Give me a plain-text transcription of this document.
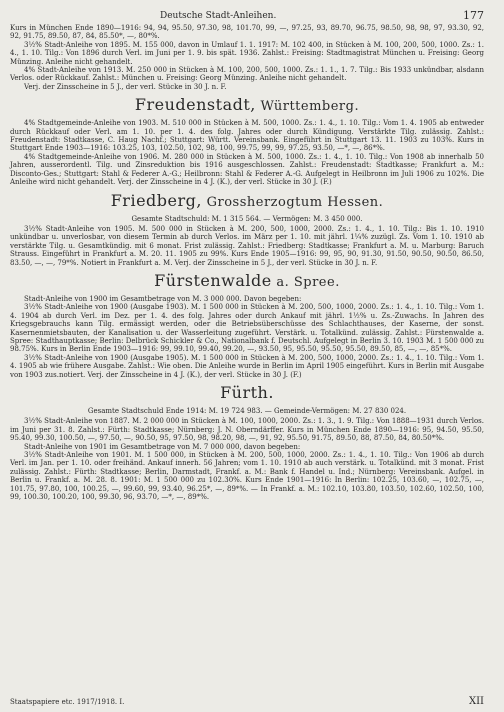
Deutsche Stadt-Anleihen.	177

Kurs in München Ende 1890—1916: 94, 94, 95.50, 97.30, 98, 101.70, 99, —, 97.25, 93, 89.70, 96.75, 98.50, 98, 98, 97, 93.30, 92, 92, 91.75, 89.50, 87, 84, 85.50*, —, 80*%.

3½% Stadt-Anleihe von 1895. M. 155 000, davon in Umlauf 1. 1. 1917: M. 102 400, in Stücken à M. 100, 200, 500, 1000. Zs.: 1. 4., 1. 10. Tilg.: Von 1896 durch Verl. im Juni per 1. 9. bis spät. 1936. Zahlst.: Freising: Stadtmagistrat München u. Freising: Georg Münzing. Anleihe nicht gehandelt.

4% Stadt-Anleihe von 1913. M. 250 000 in Stücken à M. 100, 200, 500, 1000. Zs.: 1. 1., 1. 7. Tilg.: Bis 1933 unkündbar, alsdann Verlos. oder Rückkauf. Zahlst.: München u. Freising: Georg Münzing. Anleihe nicht gehandelt.

Verj. der Zinsscheine in 5 J., der verl. Stücke in 30 J. n. F.

Freudenstadt, Württemberg.

4% Stadtgemeinde-Anleihe von 1903. M. 510 000 in Stücken à M. 500, 1000. Zs.: 1. 4., 1. 10. Tilg.: Vom 1. 4. 1905 ab entweder durch Rückkauf oder Verl. am 1. 10. per 1. 4. des folg. Jahres oder durch Kündigung. Verstärkte Tilg. zulässig. Zahlst.: Freudenstadt: Stadtkasse, C. Haug Nachf.; Stuttgart: Württ. Vereinsbank. Eingeführt in Stuttgart 13. 11. 1903 zu 103%. Kurs in Stuttgart Ende 1903—1916: 103.25, 103, 102.50, 102, 98, 100, 99.75, 99, 99, 97.25, 93.50, —*, —, 86*%.

4% Stadtgemeinde-Anleihe von 1906. M. 280 000 in Stücken à M. 500, 1000. Zs.: 1. 4., 1. 10. Tilg.: Von 1908 ab innerhalb 50 Jahren, ausserordentl. Tilg. und Zinsreduktion bis 1916 ausgeschlossen. Zahlst.: Freudenstadt: Stadtkasse; Frankfurt a. M.: Disconto-Ges.; Stuttgart: Stahl & Federer A.-G.; Heilbronn: Stahl & Federer A.-G. Aufgelegt in Heilbronn im Juli 1906 zu 102%. Die Anleihe wird nicht gehandelt. Verj. der Zinsscheine in 4 J. (K.), der verl. Stücke in 30 J. (F.)

Friedberg, Grossherzogtum Hessen.
Gesamte Stadtschuld: M. 1 315 564. — Vermögen: M. 3 450 000.

3½% Stadt-Anleihe von 1905. M. 500 000 in Stücken à M. 200, 500, 1000, 2000. Zs.: 1. 4., 1. 10. Tilg.: Bis 1. 10. 1910 unkündbar u. unverlosbar, von diesem Termin ab durch Verlos. im März per 1. 10. mit jährl. 1¼% zuzügl. Zs. Vom 1. 10. 1910 ab verstärkte Tilg. u. Gesamtkündig. mit 6 monat. Frist zulässig. Zahlst.: Friedberg: Stadtkasse; Frankfurt a. M. u. Marburg: Baruch Strauss. Eingeführt in Frankfurt a. M. 20. 11. 1905 zu 99%. Kurs Ende 1905—1916: 99, 95, 90, 91.30, 91.50, 90.50, 90.50, 86.50, 83.50, —, —, 79*%. Notiert in Frankfurt a. M. Verj. der Zinsscheine in 5 J., der verl. Stücke in 30 J. n. F.

Fürstenwalde a. Spree.

Stadt-Anleihe von 1900 im Gesamtbetrage von M. 3 000 000. Davon begeben:

3½% Stadt-Anleihe von 1900 (Ausgabe 1903). M. 1 500 000 in Stücken à M. 200, 500, 1000, 2000. Zs.: 1. 4., 1. 10. Tilg.: Vom 1. 4. 1904 ab durch Verl. im Dez. per 1. 4. des folg. Jahres oder durch Ankauf mit jährl. 1½% u. Zs.-Zuwachs. In Jahren des Kriegsgebrauchs kann Tilg. ermässigt werden, oder die Betriebsüberschüsse des Schlachthauses, der Kaserne, der sonst. Kasernenmietsbauten, der Kanalisation u. der Wasserleitung zugeführt. Verstärk. u. Totalkünd. zulässig. Zahlst.: Fürstenwalde a. Spree: Stadthauptkasse; Berlin: Delbrück Schickler & Co., Nationalbank f. Deutschl. Aufgelegt in Berlin 3. 10. 1903 M. 1 500 000 zu 98.75%. Kurs in Berlin Ende 1903—1916: 99, 99.10, 99.40, 99.20, —, 93.50, 95, 95.50, 95.50, 95.50, 89.50, 85, —, —, 85*%.

3½% Stadt-Anleihe von 1900 (Ausgabe 1905). M. 1 500 000 in Stücken à M. 200, 500, 1000, 2000. Zs.: 1. 4., 1. 10. Tilg.: Vom 1. 4. 1905 ab wie frühere Ausgabe. Zahlst.: Wie oben. Die Anleihe wurde in Berlin im April 1905 eingeführt. Kurs in Berlin mit Ausgabe von 1903 zus.notiert. Verj. der Zinsscheine in 4 J. (K.), der verl. Stücke in 30 J. (F.)

Fürth.
Gesamte Stadtschuld Ende 1914: M. 19 724 983. — Gemeinde-Vermögen: M. 27 830 024.

3½% Stadt-Anleihe von 1887. M. 2 000 000 in Stücken à M. 100, 1000, 2000. Zs.: 1. 3., 1. 9. Tilg.: Von 1888—1931 durch Verlos. im Juni per 31. 8. Zahlst.: Fürth: Stadtkasse; Nürnberg: J. N. Oberndärffer. Kurs in München Ende 1890—1916: 95, 94.50, 95.50, 95.40, 99.30, 100.50, —, 97.50, —, 90.50, 95, 97.50, 98, 98.20, 98, —, 91, 92, 95.50, 91.75, 89.50, 88, 87.50, 84, 80.50*%.

Stadt-Anleihe von 1901 im Gesamtbetrage von M. 7 000 000, davon begeben:

3½% Stadt-Anleihe von 1901. M. 1 500 000, in Stücken à M. 200, 500, 1000, 2000. Zs.: 1. 4., 1. 10. Tilg.: Von 1906 ab durch Verl. im Jan. per 1. 10. oder freihänd. Ankauf innerh. 56 Jahren; vom 1. 10. 1910 ab auch verstärk. u. Totalkünd. mit 3 monat. Frist zulässig. Zahlst.: Fürth: Stadtkasse; Berlin, Darmstadt, Frankf. a. M.: Bank f. Handel u. Ind.; Nürnberg: Vereinsbank. Aufgel. in Berlin u. Frankf. a. M. 28. 8. 1901: M. 1 500 000 zu 102.30%. Kurs Ende 1901—1916: In Berlin: 102.25, 103.60, —, 102.75, —, 101.75, 97.80, 100, 100.25, —, 99.60, 99, 93.40, 96.25*, —, 89*%. — In Frankf. a. M.: 102.10, 103.80, 103.50, 102.60, 102.50, 100, 99, 100.30, 100.20, 100, 99.30, 96, 93.70, —*, —, 89*%.

Staatspapiere etc. 1917/1918. I.	XII
